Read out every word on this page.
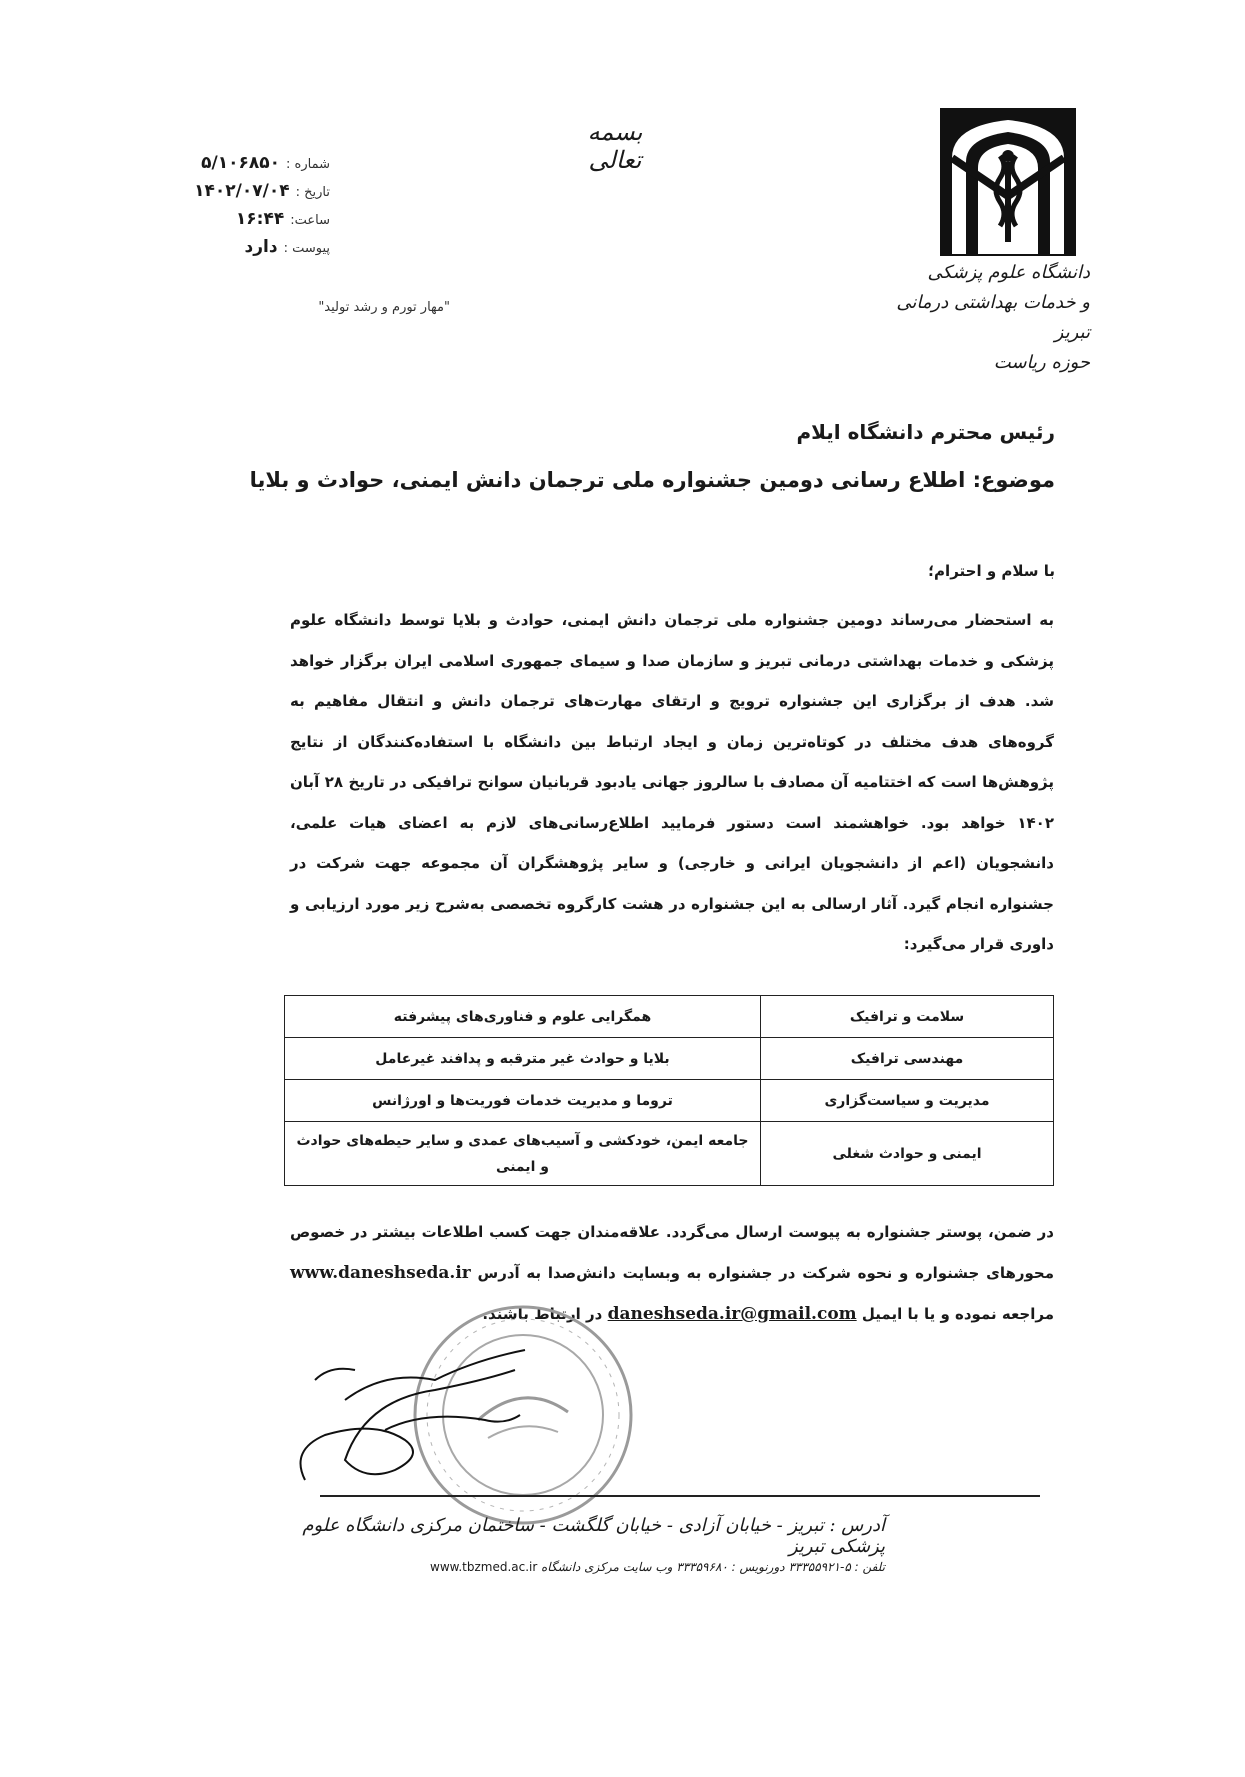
بسمه تعالی
شماره :
۵/۱۰۶۸۵۰
تاریخ :
۱۴۰۲/۰۷/۰۴
ساعت:
۱۶:۴۴
پیوست :
دارد
"مهار تورم و رشد تولید"
دانشگاه علوم پزشکی
و خدمات بهداشتی درمانی تبریز
حوزه ریاست
رئیس محترم دانشگاه ایلام
موضوع: اطلاع رسانی دومین جشنواره ملی ترجمان دانش ایمنی، حوادث و بلایا
با سلام و احترام؛
به استحضار می‌رساند دومین جشنواره ملی ترجمان دانش ایمنی، حوادث و بلایا توسط دانشگاه علوم پزشکی و خدمات بهداشتی درمانی تبریز و سازمان صدا و سیمای جمهوری اسلامی ایران برگزار خواهد شد. هدف از برگزاری این جشنواره ترویج و ارتقای مهارت‌های ترجمان دانش و انتقال مفاهیم به گروه‌های هدف مختلف در کوتاه‌ترین زمان و ایجاد ارتباط بین دانشگاه با استفاده‌کنندگان از نتایج پژوهش‌ها است که اختتامیه آن مصادف با سالروز جهانی یادبود قربانیان سوانح ترافیکی در تاریخ ۲۸ آبان ۱۴۰۲ خواهد بود. خواهشمند است دستور فرمایید اطلاع‌رسانی‌های لازم به اعضای هیات علمی، دانشجویان (اعم از دانشجویان ایرانی و خارجی) و سایر پژوهشگران آن مجموعه جهت شرکت در جشنواره انجام گیرد. آثار ارسالی به این جشنواره در هشت کارگروه تخصصی به‌شرح زیر مورد ارزیابی و داوری قرار می‌گیرد:
سلامت و ترافیک	همگرایی علوم و فناوری‌های پیشرفته
مهندسی ترافیک	بلایا و حوادث غیر مترقبه و پدافند غیرعامل
مدیریت و سیاست‌گزاری	تروما و مدیریت خدمات فوریت‌ها و اورژانس
ایمنی و حوادث شغلی	جامعه ایمن، خودکشی و آسیب‌های عمدی و سایر حیطه‌های حوادث و ایمنی
در ضمن، پوستر جشنواره به پیوست ارسال می‌گردد. علاقه‌مندان جهت کسب اطلاعات بیشتر در خصوص محورهای جشنواره و نحوه شرکت در جشنواره به وبسایت دانش‌صدا به آدرس www.daneshseda.ir مراجعه نموده و یا با ایمیل daneshseda.ir@gmail.com در ارتباط باشند.
آدرس : تبریز - خیابان آزادی - خیابان گلگشت - ساختمان مرکزی دانشگاه علوم پزشکی تبریز
تلفن : ۵-۳۳۳۵۵۹۲۱ دورنویس : ۳۳۳۵۹۶۸۰ وب سایت مرکزی دانشگاه
www.tbzmed.ac.ir
